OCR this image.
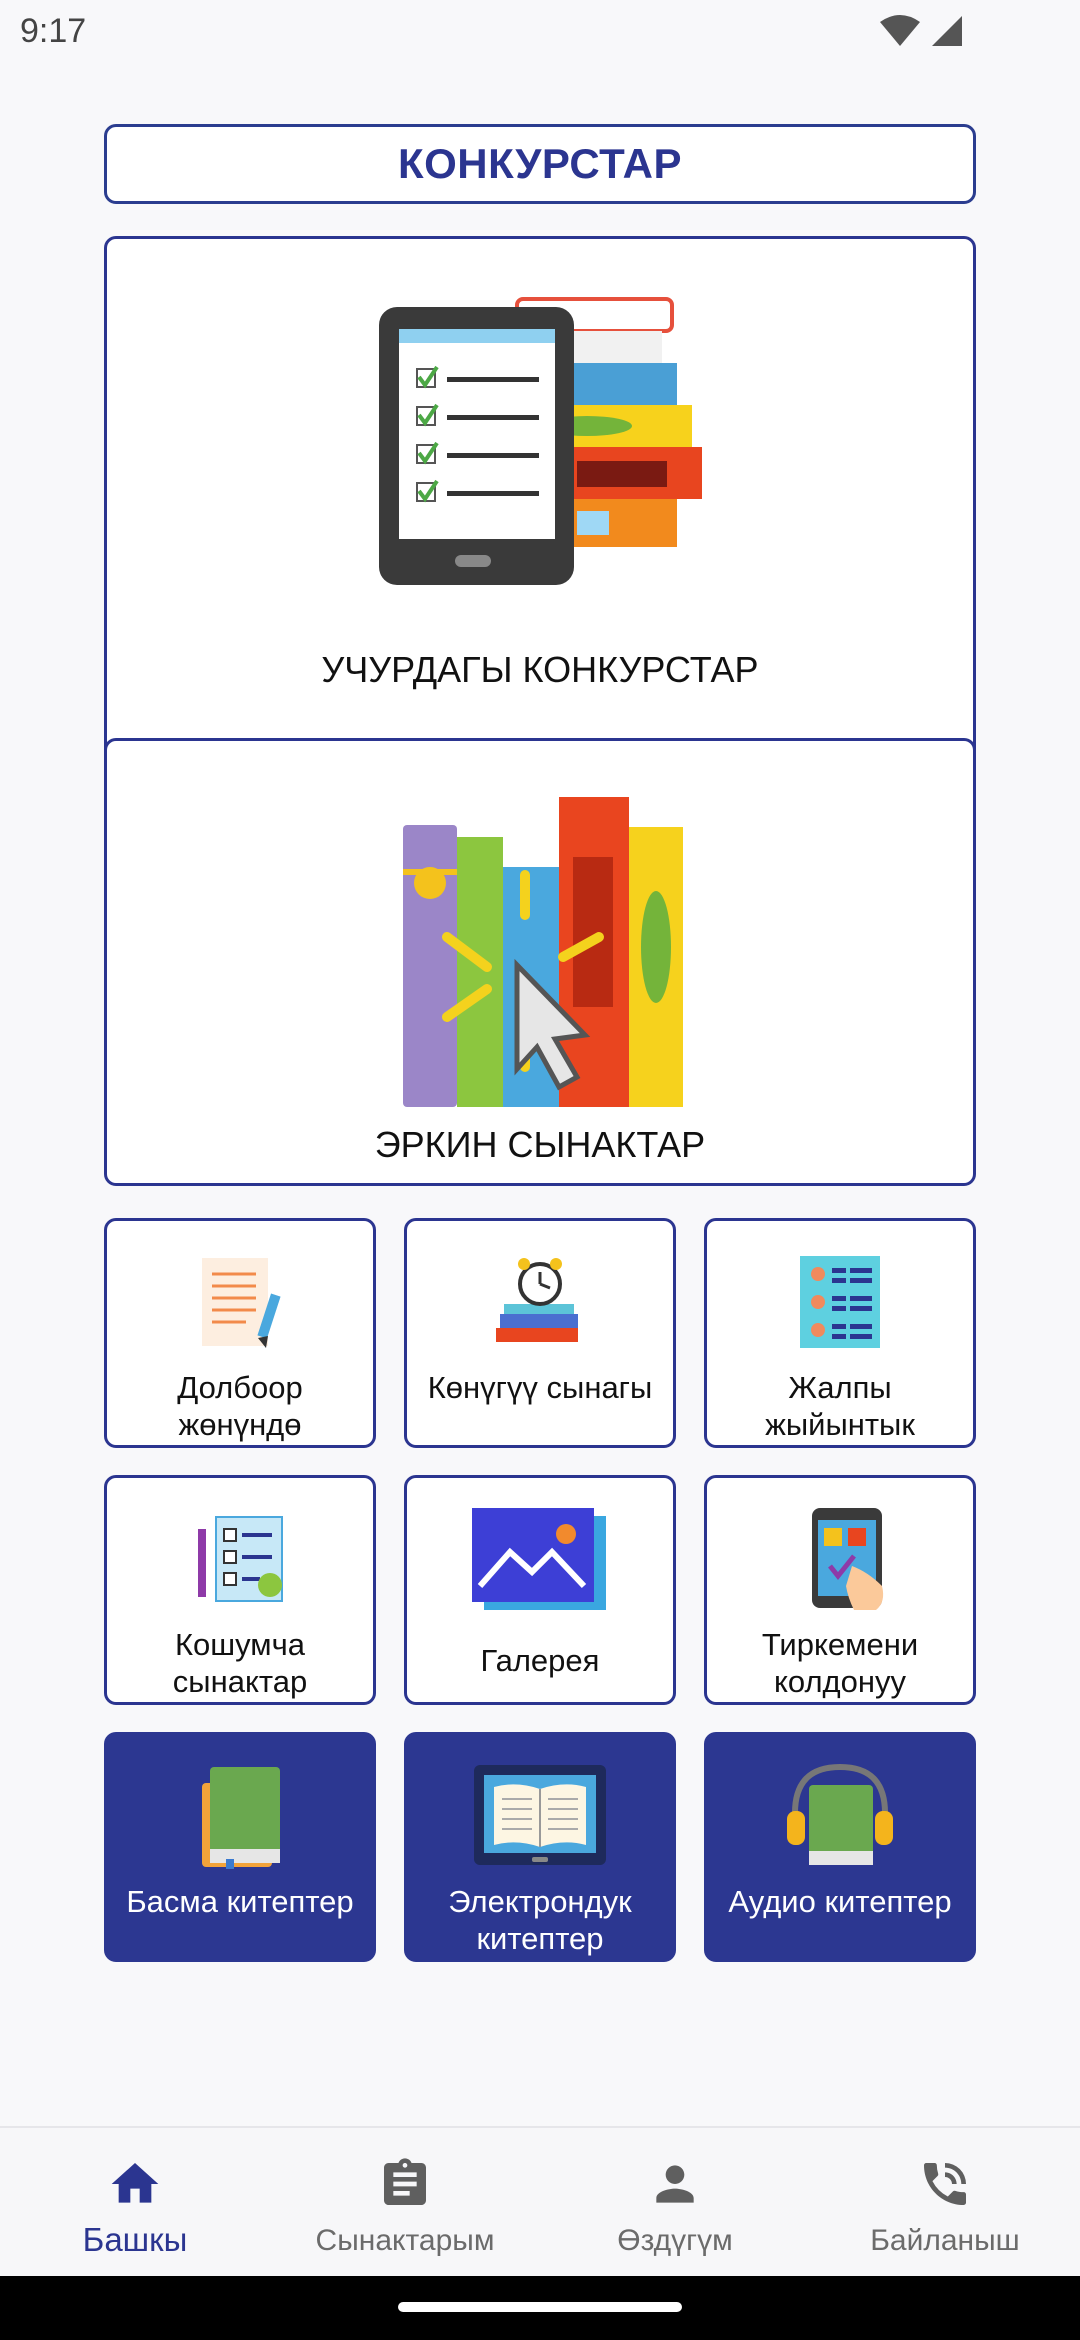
9:17
КОНКУРСТАР
УЧУРДАГЫ КОНКУРСТАР
ЭРКИН СЫНАКТАР
Долбоор жөнүндө
Көнүгүү сынагы	Жалпы жыйынтык
Кошумча сынактар
Галерея	Тиркемени колдонуу
Басма китептер	Электрондук китептер
Аудио китептер
Башкы	Сынактарым	Өздүгүм	Байланыш
